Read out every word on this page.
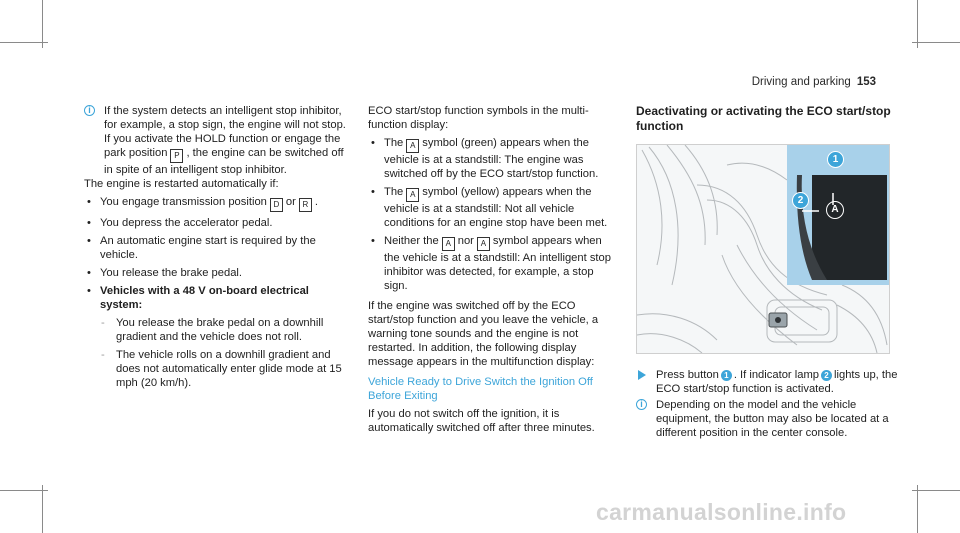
Driving and parking 153
i	If the system detects an intelligent stop inhibitor, for example, a stop sign, the engine will not stop.

If you activate the HOLD function or engage the park position P , the engine can be switched off in spite of an intelligent stop inhibitor.

The engine is restarted automatically if:

• You engage transmission position D or R .
• You depress the accelerator pedal.
• An automatic engine start is required by the vehicle.
• You release the brake pedal.
• Vehicles with a 48 V on-board electrical system:
- You release the brake pedal on a downhill gradient and the vehicle does not roll.
- The vehicle rolls on a downhill gradient and does not automatically enter glide mode at 15 mph (20 km/h).

ECO start/stop function symbols in the multi-function display:

• The A symbol (green) appears when the vehicle is at a standstill: The engine was switched off by the ECO start/stop function.
• The A symbol (yellow) appears when the vehicle is at a standstill: Not all vehicle conditions for an engine stop have been met.
• Neither the A nor A symbol appears when the vehicle is at a standstill: An intelligent stop inhibitor was detected, for example, a stop sign.

If the engine was switched off by the ECO start/stop function and you leave the vehicle, a warning tone sounds and the engine is not restarted. In addition, the following display message appears in the multifunction display:

Vehicle Ready to Drive Switch the Ignition Off Before Exiting

If you do not switch off the ignition, it is automatically switched off after three minutes.

Deactivating or activating the ECO start/stop function
1
2
A
Press button 1 . If indicator lamp 2 lights up, the ECO start/stop function is activated.
i	Depending on the model and the vehicle equipment, the button may also be located at a different position in the center console.

carmanualsonline.info
